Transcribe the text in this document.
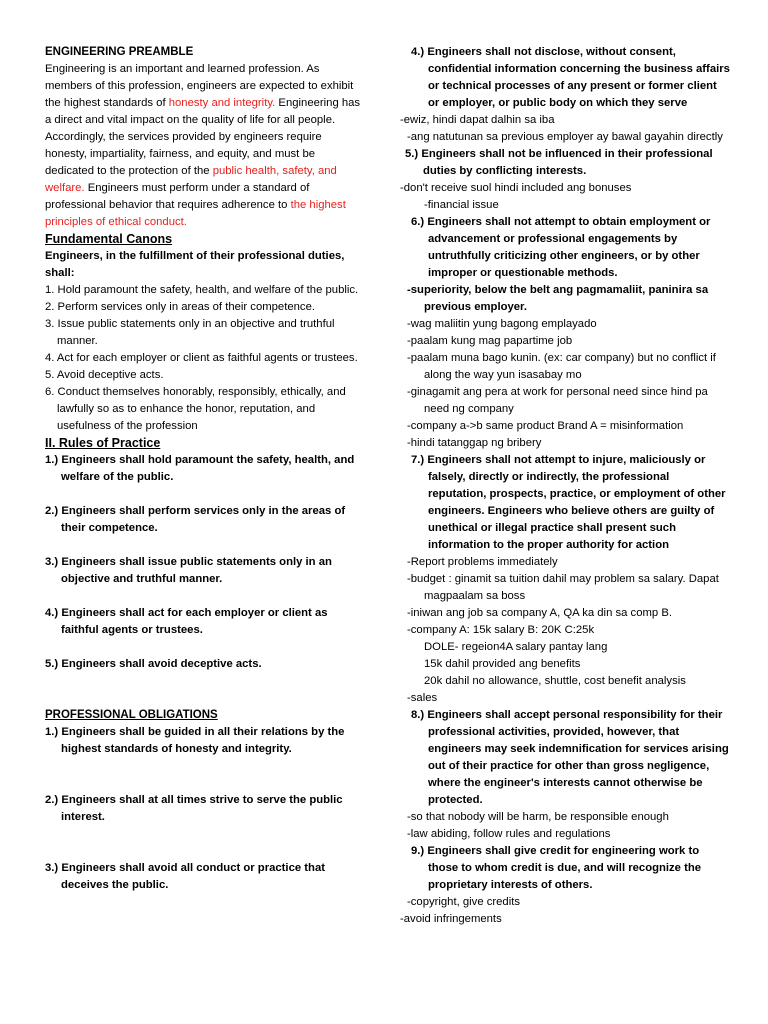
ENGINEERING PREAMBLE

Engineering is an important and learned profession. As members of this profession, engineers are expected to exhibit the highest standards of honesty and integrity. Engineering has a direct and vital impact on the quality of life for all people. Accordingly, the services provided by engineers require honesty, impartiality, fairness, and equity, and must be dedicated to the protection of the public health, safety, and welfare. Engineers must perform under a standard of professional behavior that requires adherence to the highest principles of ethical conduct.

Fundamental Canons

Engineers, in the fulfillment of their professional duties, shall:

1. Hold paramount the safety, health, and welfare of the public.

2. Perform services only in areas of their competence.

3. Issue public statements only in an objective and truthful manner.

4. Act for each employer or client as faithful agents or trustees.

5. Avoid deceptive acts.

6. Conduct themselves honorably, responsibly, ethically, and lawfully so as to enhance the honor, reputation, and usefulness of the profession

II. Rules of Practice

1.) Engineers shall hold paramount the safety, health, and welfare of the public.

2.) Engineers shall perform services only in the areas of their competence.

3.) Engineers shall issue public statements only in an objective and truthful manner.

4.) Engineers shall act for each employer or client as faithful agents or trustees.

5.) Engineers shall avoid deceptive acts.

PROFESSIONAL OBLIGATIONS

1.) Engineers shall be guided in all their relations by the highest standards of honesty and integrity.

2.) Engineers shall at all times strive to serve the public interest.

3.) Engineers shall avoid all conduct or practice that deceives the public.

4.) Engineers shall not disclose, without consent, confidential information concerning the business affairs or technical processes of any present or former client or employer, or public body on which they serve

-ewiz, hindi dapat dalhin sa iba

-ang natutunan sa previous employer ay bawal gayahin directly

5.) Engineers shall not be influenced in their professional duties by conflicting interests.

-don't receive suol hindi included ang bonuses

-financial issue

6.) Engineers shall not attempt to obtain employment or advancement or professional engagements by untruthfully criticizing other engineers, or by other improper or questionable methods.

-superiority, below the belt ang pagmamaliit, paninira sa previous employer.

-wag maliitin yung bagong emplayado

-paalam kung mag papartime job

-paalam muna bago kunin. (ex: car company) but no conflict if along the way yun isasabay mo

-ginagamit ang pera at work for personal need since hind pa need ng company

-company a->b same product Brand A = misinformation

-hindi tatanggap ng bribery

7.) Engineers shall not attempt to injure, maliciously or falsely, directly or indirectly, the professional reputation, prospects, practice, or employment of other engineers. Engineers who believe others are guilty of unethical or illegal practice shall present such information to the proper authority for action

-Report problems immediately

-budget : ginamit sa tuition dahil may problem sa salary. Dapat magpaalam sa boss

-iniwan ang job sa company A, QA ka din sa comp B.

-company A: 15k salary B: 20K C:25k

DOLE- regeion4A salary pantay lang

15k dahil provided ang benefits

20k dahil no allowance, shuttle, cost benefit analysis

-sales

8.) Engineers shall accept personal responsibility for their professional activities, provided, however, that engineers may seek indemnification for services arising out of their practice for other than gross negligence, where the engineer's interests cannot otherwise be protected.

-so that nobody will be harm, be responsible enough

-law abiding, follow rules and regulations

9.) Engineers shall give credit for engineering work to those to whom credit is due, and will recognize the proprietary interests of others.

-copyright, give credits

-avoid infringements
